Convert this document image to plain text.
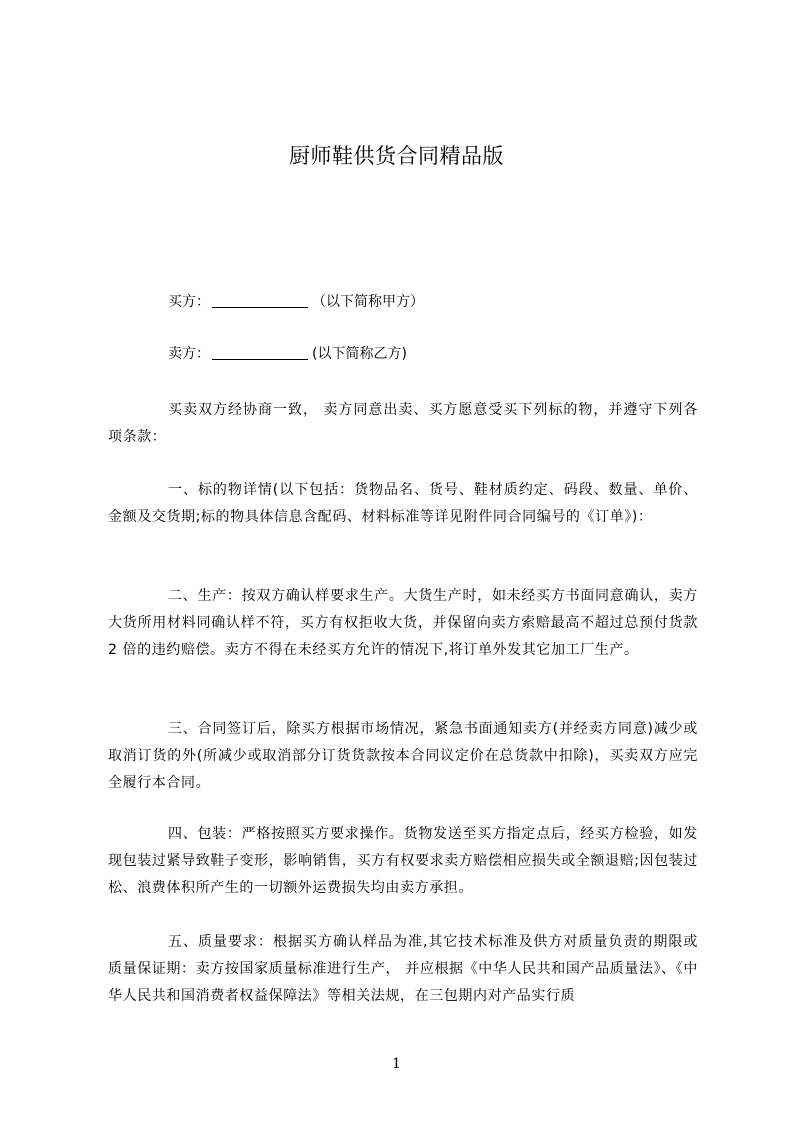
厨师鞋供货合同精品版
买方：	（以下简称甲方）
卖方：	(以下简称乙方)
买卖双方经协商一致， 卖方同意出卖、买方愿意受买下列标的物，并遵守下列各项条款：
一、标的物详情(以下包括：货物品名、货号、鞋材质约定、码段、数量、单价、金额及交货期;标的物具体信息含配码、材料标准等详见附件同合同编号的《订单》)：
二、生产：按双方确认样要求生产。大货生产时，如未经买方书面同意确认，卖方大货所用材料同确认样不符，买方有权拒收大货，并保留向卖方索赔最高不超过总预付货款 2 倍的违约赔偿。卖方不得在未经买方允许的情况下,将订单外发其它加工厂生产。
三、合同签订后，除买方根据市场情况，紧急书面通知卖方(并经卖方同意)减少或取消订货的外(所减少或取消部分订货货款按本合同议定价在总货款中扣除)，买卖双方应完全履行本合同。
四、包装：严格按照买方要求操作。货物发送至买方指定点后，经买方检验，如发现包装过紧导致鞋子变形，影响销售，买方有权要求卖方赔偿相应损失或全额退赔;因包装过松、浪费体积所产生的一切额外运费损失均由卖方承担。
五、质量要求：根据买方确认样品为准,其它技术标准及供方对质量负责的期限或质量保证期：卖方按国家质量标准进行生产， 并应根据《中华人民共和国产品质量法》、《中华人民共和国消费者权益保障法》等相关法规，在三包期内对产品实行质
1
